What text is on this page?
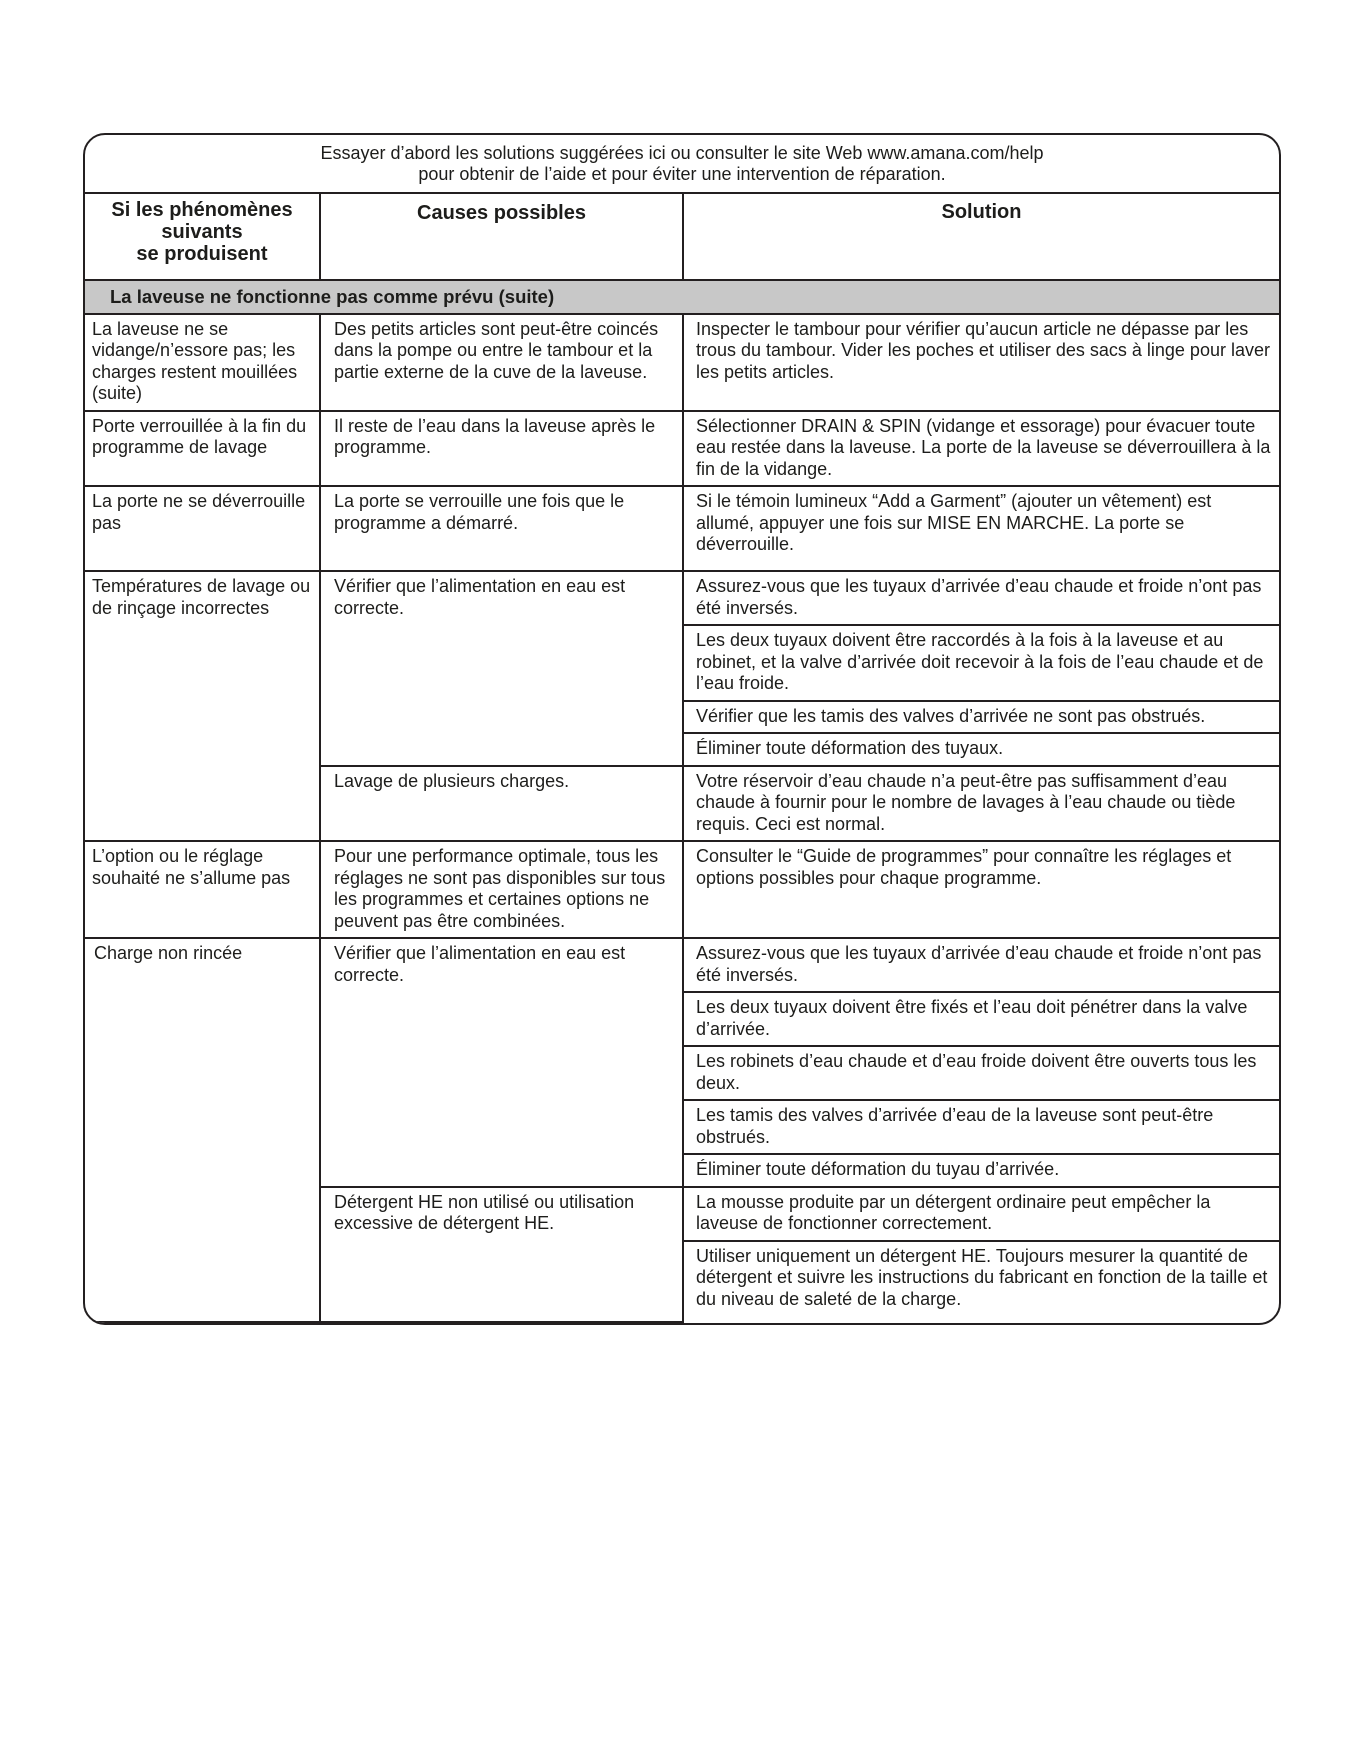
Essayer d’abord les solutions suggérées ici ou consulter le site Web www.amana.com/help
pour obtenir de l’aide et pour éviter une intervention de réparation.
Si les phénomènes
suivants
se produisent	Causes possibles	Solution
La laveuse ne fonctionne pas comme prévu (suite)		
La laveuse ne se vidange/n’essore pas; les charges restent mouillées (suite)	Des petits articles sont peut-être coincés dans la pompe ou entre le tambour et la partie externe de la cuve de la laveuse.	Inspecter le tambour pour vérifier qu’aucun article ne dépasse par les trous du tambour. Vider les poches et utiliser des sacs à linge pour laver les petits articles.
Porte verrouillée à la fin du programme de lavage	Il reste de l’eau dans la laveuse après le programme.	Sélectionner DRAIN & SPIN (vidange et essorage) pour évacuer toute eau restée dans la laveuse. La porte de la laveuse se déverrouillera à la fin de la vidange.
La porte ne se déverrouille pas	La porte se verrouille une fois que le programme a démarré.	Si le témoin lumineux “Add a Garment” (ajouter un vêtement) est allumé, appuyer une fois sur MISE EN MARCHE. La porte se déverrouille.
Températures de lavage ou de rinçage incorrectes	Vérifier que l’alimentation en eau est correcte.	Assurez-vous que les tuyaux d’arrivée d’eau chaude et froide n’ont pas été inversés.
		Les deux tuyaux doivent être raccordés à la fois à la laveuse et au robinet, et la valve d’arrivée doit recevoir à la fois de l’eau chaude et de l’eau froide.
		Vérifier que les tamis des valves d’arrivée ne sont pas obstrués.
		Éliminer toute déformation des tuyaux.
	Lavage de plusieurs charges.	Votre réservoir d’eau chaude n’a peut-être pas suffisamment d’eau chaude à fournir pour le nombre de lavages à l’eau chaude ou tiède requis. Ceci est normal.
L’option ou le réglage souhaité ne s’allume pas	Pour une performance optimale, tous les réglages ne sont pas disponibles sur tous les programmes et certaines options ne peuvent pas être combinées.	Consulter le “Guide de programmes” pour connaître les réglages et options possibles pour chaque programme.
Charge non rincée	Vérifier que l’alimentation en eau est correcte.	Assurez-vous que les tuyaux d’arrivée d’eau chaude et froide n’ont pas été inversés.
		Les deux tuyaux doivent être fixés et l’eau doit pénétrer dans la valve d’arrivée.
		Les robinets d’eau chaude et d’eau froide doivent être ouverts tous les deux.
		Les tamis des valves d’arrivée d’eau de la laveuse sont peut-être obstrués.
		Éliminer toute déformation du tuyau d’arrivée.
	Détergent HE non utilisé ou utilisation excessive de détergent HE.	La mousse produite par un détergent ordinaire peut empêcher la laveuse de fonctionner correctement.
		Utiliser uniquement un détergent HE. Toujours mesurer la quantité de détergent et suivre les instructions du fabricant en fonction de la taille et du niveau de saleté de la charge.
